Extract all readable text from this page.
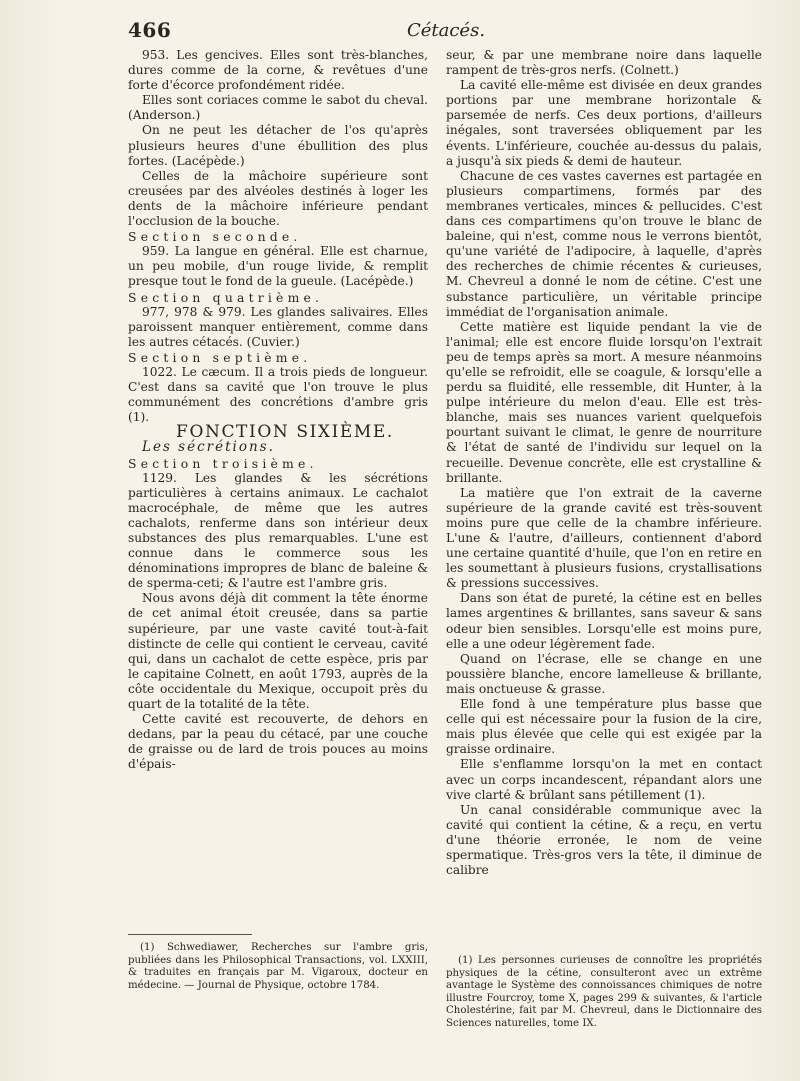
466	Cétacés.

953. Les gencives. Elles sont très-blanches, dures comme de la corne, & revêtues d'une forte d'écorce profondément ridée.

Elles sont coriaces comme le sabot du cheval. (Anderson.)

On ne peut les détacher de l'os qu'après plusieurs heures d'une ébullition des plus fortes. (Lacépède.)

Celles de la mâchoire supérieure sont creusées par des alvéoles destinés à loger les dents de la mâchoire inférieure pendant l'occlusion de la bouche.

Section seconde.

959. La langue en général. Elle est charnue, un peu mobile, d'un rouge livide, & remplit presque tout le fond de la gueule. (Lacépède.)

Section quatrième.

977, 978 & 979. Les glandes salivaires. Elles paroissent manquer entièrement, comme dans les autres cétacés. (Cuvier.)

Section septième.

1022. Le cæcum. Il a trois pieds de longueur. C'est dans sa cavité que l'on trouve le plus communément des concrétions d'ambre gris (1).

FONCTION SIXIÈME.

Les sécrétions.

Section troisième.

1129. Les glandes & les sécrétions particulières à certains animaux. Le cachalot macrocéphale, de même que les autres cachalots, renferme dans son intérieur deux substances des plus remarquables. L'une est connue dans le commerce sous les dénominations impropres de blanc de baleine & de sperma-ceti; & l'autre est l'ambre gris.

Nous avons déjà dit comment la tête énorme de cet animal étoit creusée, dans sa partie supérieure, par une vaste cavité tout-à-fait distincte de celle qui contient le cerveau, cavité qui, dans un cachalot de cette espèce, pris par le capitaine Colnett, en août 1793, auprès de la côte occidentale du Mexique, occupoit près du quart de la totalité de la tête.

Cette cavité est recouverte, de dehors en dedans, par la peau du cétacé, par une couche de graisse ou de lard de trois pouces au moins d'épais-

seur, & par une membrane noire dans laquelle rampent de très-gros nerfs. (Colnett.)

La cavité elle-même est divisée en deux grandes portions par une membrane horizontale & parsemée de nerfs. Ces deux portions, d'ailleurs inégales, sont traversées obliquement par les évents. L'inférieure, couchée au-dessus du palais, a jusqu'à six pieds & demi de hauteur.

Chacune de ces vastes cavernes est partagée en plusieurs compartimens, formés par des membranes verticales, minces & pellucides. C'est dans ces compartimens qu'on trouve le blanc de baleine, qui n'est, comme nous le verrons bientôt, qu'une variété de l'adipocire, à laquelle, d'après des recherches de chimie récentes & curieuses, M. Chevreul a donné le nom de cétine. C'est une substance particulière, un véritable principe immédiat de l'organisation animale.

Cette matière est liquide pendant la vie de l'animal; elle est encore fluide lorsqu'on l'extrait peu de temps après sa mort. A mesure néanmoins qu'elle se refroidit, elle se coagule, & lorsqu'elle a perdu sa fluidité, elle ressemble, dit Hunter, à la pulpe intérieure du melon d'eau. Elle est très-blanche, mais ses nuances varient quelquefois pourtant suivant le climat, le genre de nourriture & l'état de santé de l'individu sur lequel on la recueille. Devenue concrète, elle est crystalline & brillante.

La matière que l'on extrait de la caverne supérieure de la grande cavité est très-souvent moins pure que celle de la chambre inférieure. L'une & l'autre, d'ailleurs, contiennent d'abord une certaine quantité d'huile, que l'on en retire en les soumettant à plusieurs fusions, crystallisations & pressions successives.

Dans son état de pureté, la cétine est en belles lames argentines & brillantes, sans saveur & sans odeur bien sensibles. Lorsqu'elle est moins pure, elle a une odeur légèrement fade.

Quand on l'écrase, elle se change en une poussière blanche, encore lamelleuse & brillante, mais onctueuse & grasse.

Elle fond à une température plus basse que celle qui est nécessaire pour la fusion de la cire, mais plus élevée que celle qui est exigée par la graisse ordinaire.

Elle s'enflamme lorsqu'on la met en contact avec un corps incandescent, répandant alors une vive clarté & brûlant sans pétillement (1).

Un canal considérable communique avec la cavité qui contient la cétine, & a reçu, en vertu d'une théorie erronée, le nom de veine spermatique. Très-gros vers la tête, il diminue de calibre

(1) Schwediawer, Recherches sur l'ambre gris, publiées dans les Philosophical Transactions, vol. LXXIII, & traduites en français par M. Vigaroux, docteur en médecine. — Journal de Physique, octobre 1784.

(1) Les personnes curieuses de connoître les propriétés physiques de la cétine, consulteront avec un extrême avantage le Système des connoissances chimiques de notre illustre Fourcroy, tome X, pages 299 & suivantes, & l'article Cholestérine, fait par M. Chevreul, dans le Dictionnaire des Sciences naturelles, tome IX.
